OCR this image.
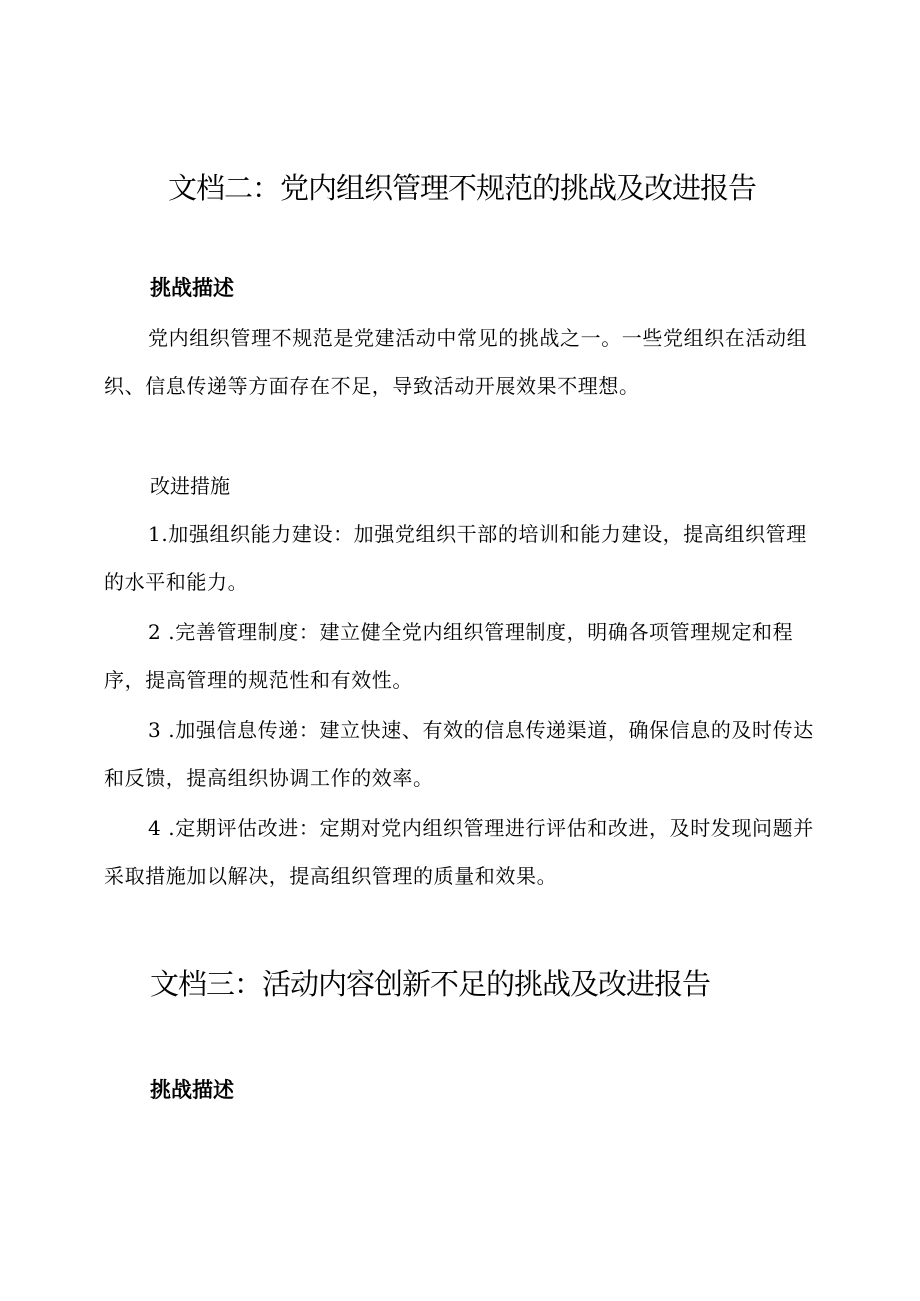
文档二：党内组织管理不规范的挑战及改进报告
挑战描述

党内组织管理不规范是党建活动中常见的挑战之一。一些党组织在活动组织、信息传递等方面存在不足，导致活动开展效果不理想。

改进措施

1.加强组织能力建设：加强党组织干部的培训和能力建设，提高组织管理的水平和能力。

2 .完善管理制度：建立健全党内组织管理制度，明确各项管理规定和程序，提高管理的规范性和有效性。

3 .加强信息传递：建立快速、有效的信息传递渠道，确保信息的及时传达和反馈，提高组织协调工作的效率。

4 .定期评估改进：定期对党内组织管理进行评估和改进，及时发现问题并采取措施加以解决，提高组织管理的质量和效果。

文档三：活动内容创新不足的挑战及改进报告
挑战描述
